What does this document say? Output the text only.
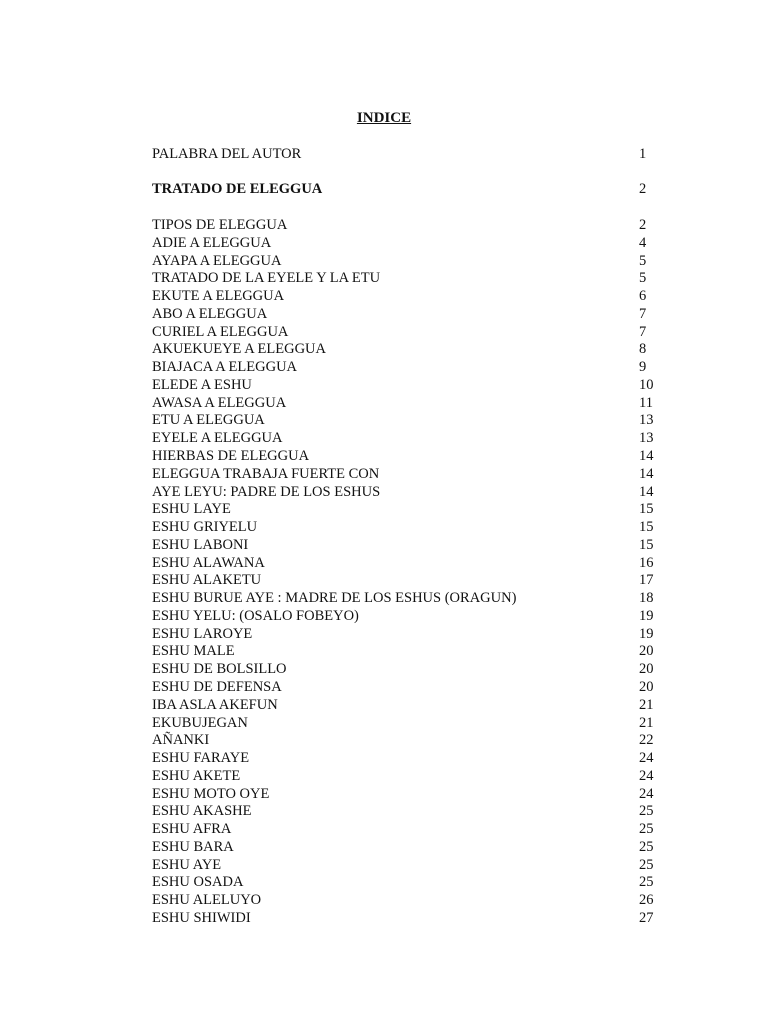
INDICE
PALABRA DEL AUTOR	1
TRATADO DE ELEGGUA	2
TIPOS DE ELEGGUA	2
ADIE A ELEGGUA	4
AYAPA A ELEGGUA	5
TRATADO DE LA EYELE Y LA ETU	5
EKUTE A ELEGGUA	6
ABO A ELEGGUA	7
CURIEL A ELEGGUA	7
AKUEKUEYE A ELEGGUA	8
BIAJACA A ELEGGUA	9
ELEDE A ESHU	10
AWASA A ELEGGUA	11
ETU A ELEGGUA	13
EYELE A ELEGGUA	13
HIERBAS DE ELEGGUA	14
ELEGGUA TRABAJA FUERTE CON	14
AYE LEYU: PADRE DE LOS ESHUS	14
ESHU LAYE	15
ESHU GRIYELU	15
ESHU LABONI	15
ESHU ALAWANA	16
ESHU ALAKETU	17
ESHU BURUE AYE : MADRE DE LOS ESHUS (ORAGUN)	18
ESHU YELU: (OSALO FOBEYO)	19
ESHU LAROYE	19
ESHU MALE	20
ESHU DE BOLSILLO	20
ESHU DE DEFENSA	20
IBA ASLA AKEFUN	21
EKUBUJEGAN	21
AÑANKI	22
ESHU FARAYE	24
ESHU AKETE	24
ESHU MOTO OYE	24
ESHU AKASHE	25
ESHU AFRA	25
ESHU BARA	25
ESHU AYE	25
ESHU OSADA	25
ESHU ALELUYO	26
ESHU SHIWIDI	27
